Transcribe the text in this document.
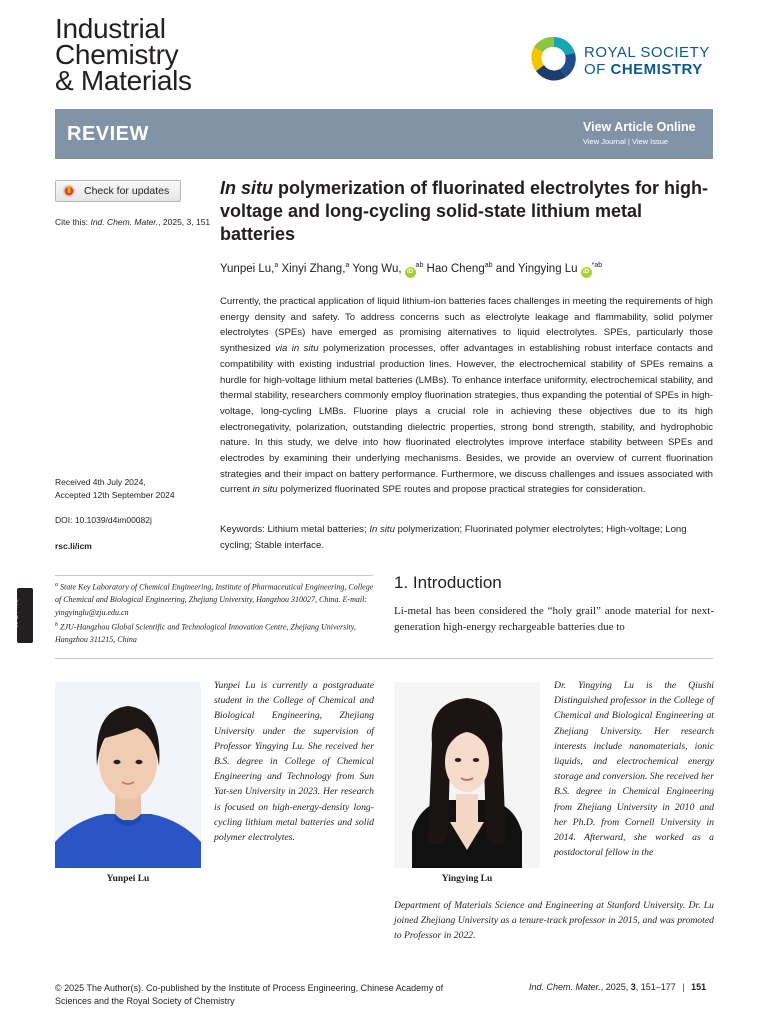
Industrial
Chemistry
& Materials
ROYAL SOCIETY
OF CHEMISTRY
REVIEW	View Article Online
View Journal | View Issue
Check for updates
Cite this: Ind. Chem. Mater., 2025, 3, 151
In situ polymerization of fluorinated electrolytes for high-voltage and long-cycling solid-state lithium metal batteries
Yunpei Lu,$^a$ Xinyi Zhang,$^a$ Yong Wu, $iD^{ab}$ Hao Cheng$^{ab}$ and Yingying Lu $iD^{*ab}$
Currently, the practical application of liquid lithium-ion batteries faces challenges in meeting the requirements of high energy density and safety. To address concerns such as electrolyte leakage and flammability, solid polymer electrolytes (SPEs) have emerged as promising alternatives to liquid electrolytes. SPEs, particularly those synthesized via in situ polymerization processes, offer advantages in establishing robust interface contacts and compatibility with existing industrial production lines. However, the electrochemical stability of SPEs remains a hurdle for high-voltage lithium metal batteries (LMBs). To enhance interface uniformity, electrochemical stability, and thermal stability, researchers commonly employ fluorination strategies, thus expanding the potential of SPEs in high-voltage, long-cycling LMBs. Fluorine plays a crucial role in achieving these objectives due to its high electronegativity, polarization, outstanding dielectric properties, strong bond strength, stability, and hydrophobic nature. In this study, we delve into how fluorinated electrolytes improve interface stability between SPEs and electrodes by examining their underlying mechanisms. Besides, we provide an overview of current fluorination strategies and their impact on battery performance. Furthermore, we discuss challenges and issues associated with current in situ polymerized fluorinated SPE routes and propose practical strategies for consideration.
Keywords: Lithium metal batteries; In situ polymerization; Fluorinated polymer electrolytes; High-voltage; Long cycling; Stable interface.
Received 4th July 2024,
Accepted 12th September 2024
DOI: 10.1039/d4im00082j
rsc.li/icm
cc BY-NC
$^a$ State Key Laboratory of Chemical Engineering, Institute of Pharmaceutical Engineering, College of Chemical and Biological Engineering, Zhejiang University, Hangzhou 310027, China. E-mail: yingyinglu@zju.edu.cn
$^b$ ZJU-Hangzhou Global Scientific and Technological Innovation Centre, Zhejiang University, Hangzhou 311215, China
1. Introduction
Li-metal has been considered the “holy grail” anode material for next-generation high-energy rechargeable batteries due to
Yunpei Lu
Yunpei Lu is currently a postgraduate student in the College of Chemical and Biological Engineering, Zhejiang University under the supervision of Professor Yingying Lu. She received her B.S. degree in College of Chemical Engineering and Technology from Sun Yat-sen University in 2023. Her research is focused on high-energy-density long-cycling lithium metal batteries and solid polymer electrolytes.
Yingying Lu
Dr. Yingying Lu is the Qiushi Distinguished professor in the College of Chemical and Biological Engineering at Zhejiang University. Her research interests include nanomaterials, ionic liquids, and electrochemical energy storage and conversion. She received her B.S. degree in Chemical Engineering from Zhejiang University in 2010 and her Ph.D. from Cornell University in 2014. Afterward, she worked as a postdoctoral fellow in the
Department of Materials Science and Engineering at Stanford University. Dr. Lu joined Zhejiang University as a tenure-track professor in 2015, and was promoted to Professor in 2022.
© 2025 The Author(s). Co-published by the Institute of Process Engineering, Chinese Academy of Sciences and the Royal Society of Chemistry
Ind. Chem. Mater., 2025, 3, 151–177 | 151
